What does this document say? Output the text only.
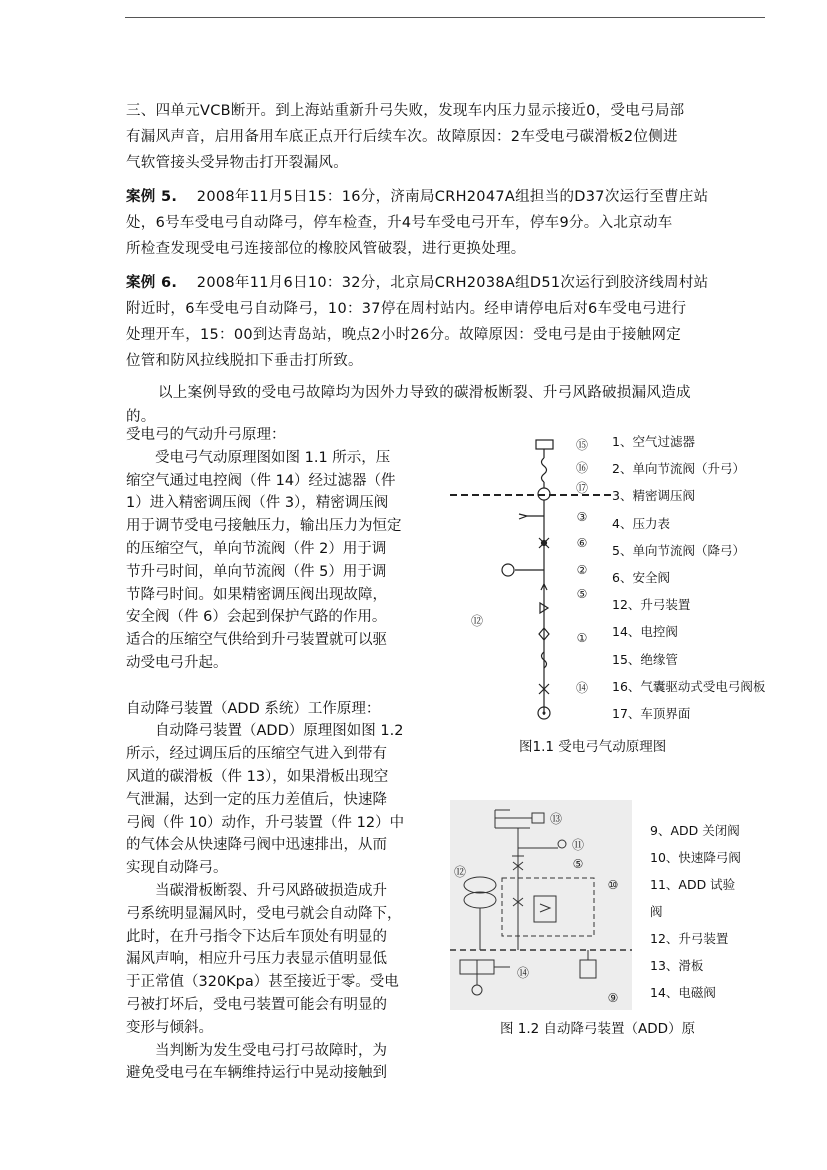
三、四单元VCB断开。到上海站重新升弓失败，发现车内压力显示接近0，受电弓局部
有漏风声音，启用备用车底正点开行后续车次。故障原因：2车受电弓碳滑板2位侧进
气软管接头受异物击打开裂漏风。
案例 5. 2008年11月5日15：16分，济南局CRH2047A组担当的D37次运行至曹庄站
处，6号车受电弓自动降弓，停车检查，升4号车受电弓开车，停车9分。入北京动车
所检查发现受电弓连接部位的橡胶风管破裂，进行更换处理。
案例 6. 2008年11月6日10：32分，北京局CRH2038A组D51次运行到胶济线周村站
附近时，6车受电弓自动降弓，10：37停在周村站内。经申请停电后对6车受电弓进行
处理开车，15：00到达青岛站，晚点2小时26分。故障原因：受电弓是由于接触网定
位管和防风拉线脱扣下垂击打所致。
以上案例导致的受电弓故障均为因外力导致的碳滑板断裂、升弓风路破损漏风造成
的。
受电弓的气动升弓原理：
　　受电弓气动原理图如图 1.1 所示，压
缩空气通过电控阀（件 14）经过滤器（件
1）进入精密调压阀（件 3），精密调压阀
用于调节受电弓接触压力，输出压力为恒定
的压缩空气，单向节流阀（件 2）用于调
节升弓时间，单向节流阀（件 5）用于调
节降弓时间。如果精密调压阀出现故障，
安全阀（件 6）会起到保护气路的作用。
适合的压缩空气供给到升弓装置就可以驱
动受电弓升起。

自动降弓装置（ADD 系统）工作原理：
　　自动降弓装置（ADD）原理图如图 1.2
所示，经过调压后的压缩空气进入到带有
风道的碳滑板（件 13），如果滑板出现空
气泄漏，达到一定的压力差值后，快速降
弓阀（件 10）动作，升弓装置（件 12）中
的气体会从快速降弓阀中迅速排出，从而
实现自动降弓。
　　当碳滑板断裂、升弓风路破损造成升
弓系统明显漏风时，受电弓就会自动降下，
此时，在升弓指令下达后车顶处有明显的
漏风声响，相应升弓压力表显示值明显低
于正常值（320Kpa）甚至接近于零。受电
弓被打坏后，受电弓装置可能会有明显的
变形与倾斜。
　　当判断为发生受电弓打弓故障时，为
避免受电弓在车辆维持运行中晃动接触到
⑮
⑯
⑰
③
⑥
②
⑤
①
⑭
⑫
1、空气过滤器
2、单向节流阀（升弓）
3、精密调压阀
4、压力表
5、单向节流阀（降弓）
6、安全阀
12、升弓装置
14、电控阀
15、绝缘管
16、气囊驱动式受电弓阀板
17、车顶界面
图1.1 受电弓气动原理图
⑬
⑪
⑫
⑤
⑩
⑭
⑨
9、ADD 关闭阀
10、快速降弓阀
11、ADD 试验
阀
12、升弓装置
13、滑板
14、电磁阀
图 1.2 自动降弓装置（ADD）原
